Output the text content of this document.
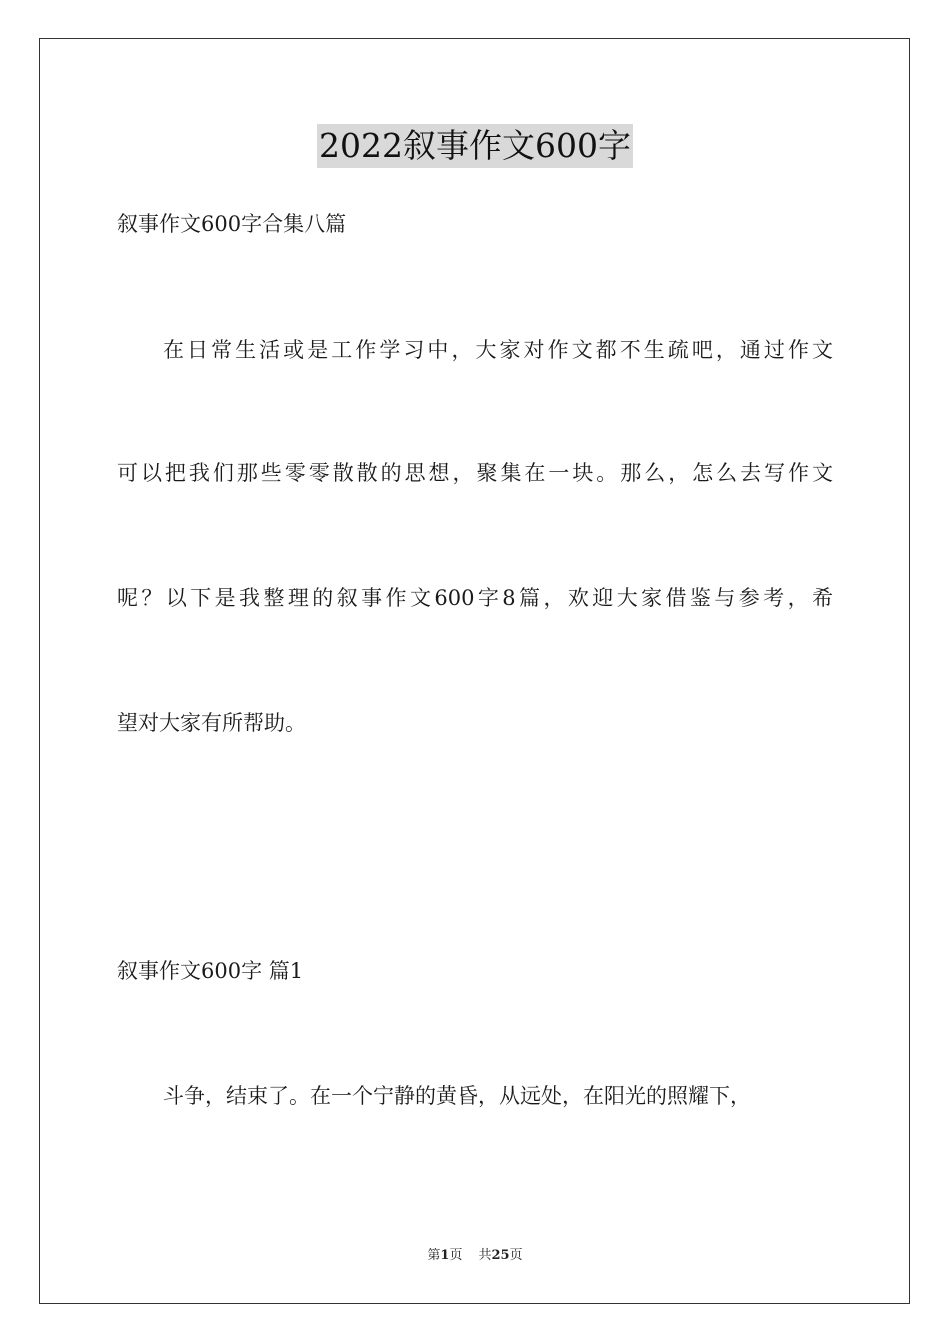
2022叙事作文600字
叙事作文600字合集八篇
在日常生活或是工作学习中，大家对作文都不生疏吧，通过作文
可以把我们那些零零散散的思想，聚集在一块。那么，怎么去写作文
呢？以下是我整理的叙事作文600字8篇，欢迎大家借鉴与参考，希
望对大家有所帮助。
叙事作文600字 篇1
斗争，结束了。在一个宁静的黄昏，从远处，在阳光的照耀下，
第1页 共25页
